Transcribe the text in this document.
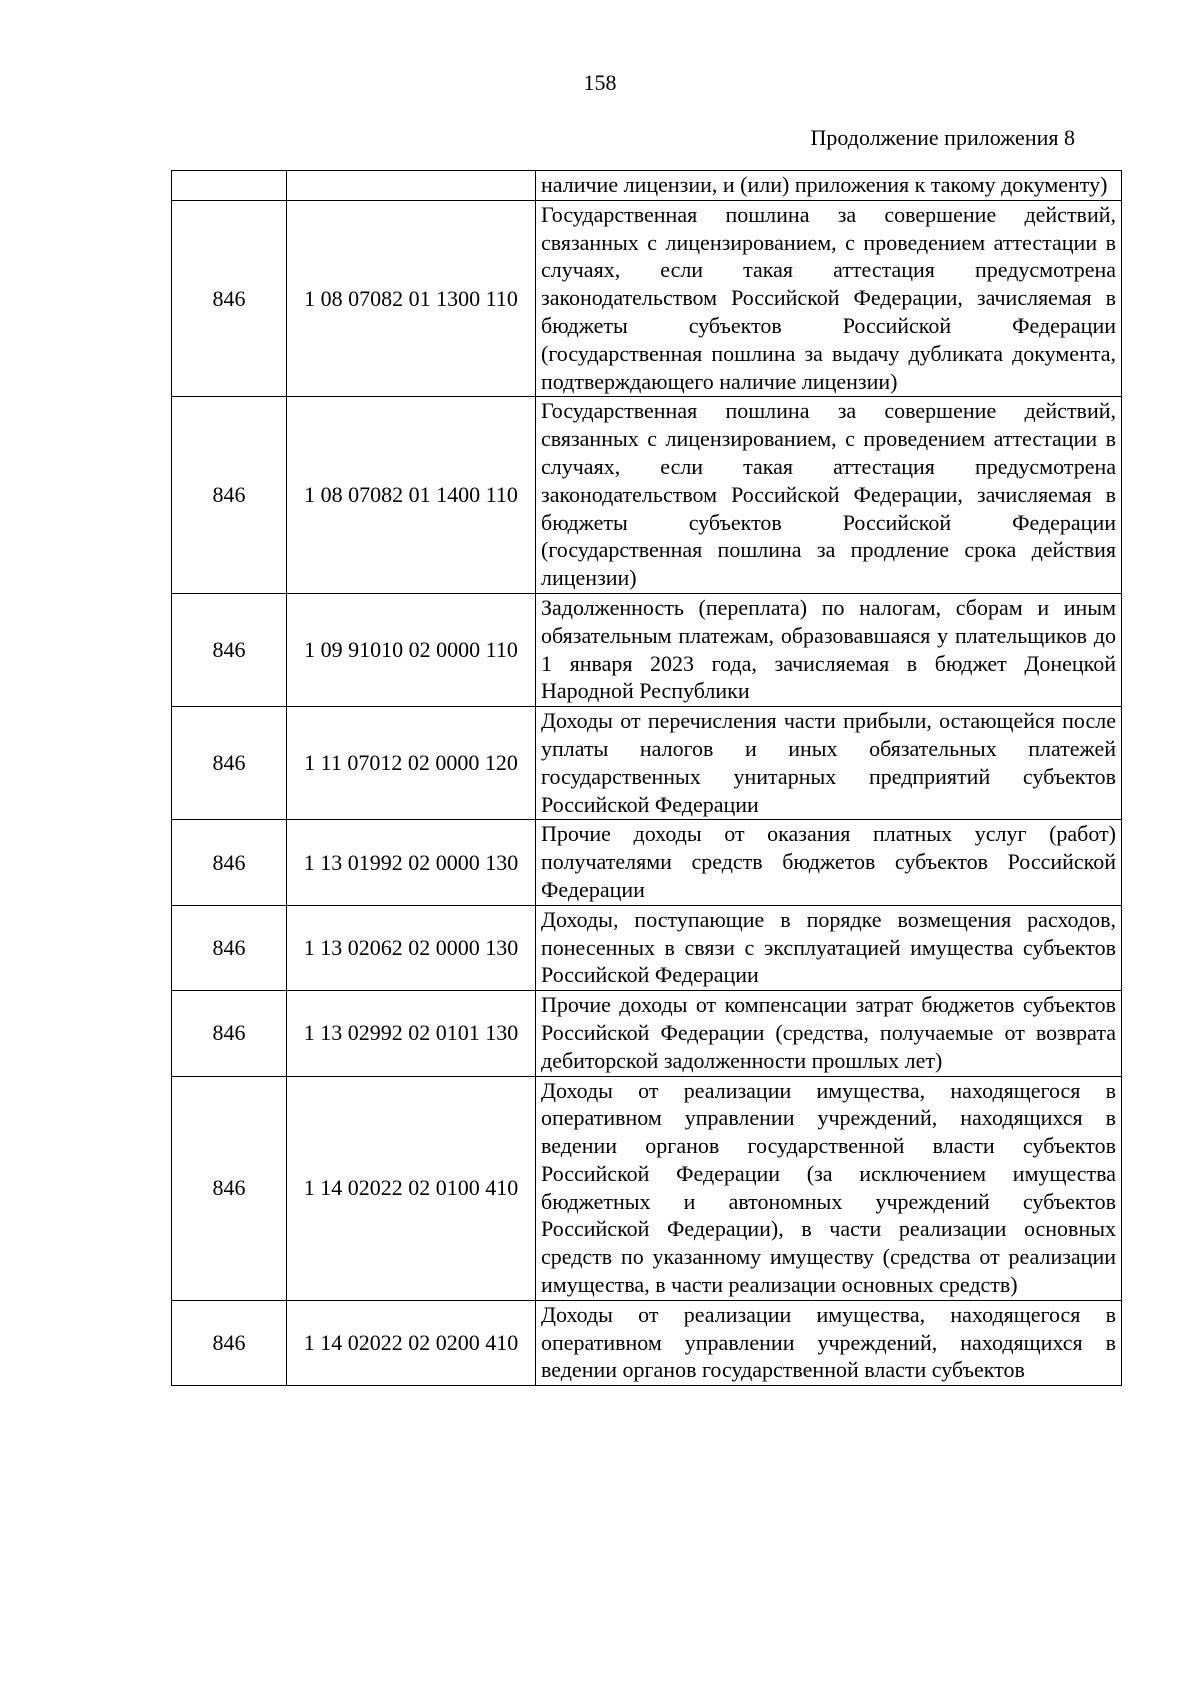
158
Продолжение приложения 8
		наличие лицензии, и (или) приложения к такому документу)
846	1 08 07082 01 1300 110	Государственная пошлина за совершение действий, связанных с лицензированием, с проведением аттестации в случаях, если такая аттестация предусмотрена законодательством Российской Федерации, зачисляемая в бюджеты субъектов Российской Федерации (государственная пошлина за выдачу дубликата документа, подтверждающего наличие лицензии)
846	1 08 07082 01 1400 110	Государственная пошлина за совершение действий, связанных с лицензированием, с проведением аттестации в случаях, если такая аттестация предусмотрена законодательством Российской Федерации, зачисляемая в бюджеты субъектов Российской Федерации (государственная пошлина за продление срока действия лицензии)
846	1 09 91010 02 0000 110	Задолженность (переплата) по налогам, сборам и иным обязательным платежам, образовавшаяся у плательщиков до 1 января 2023 года, зачисляемая в бюджет Донецкой Народной Республики
846	1 11 07012 02 0000 120	Доходы от перечисления части прибыли, остающейся после уплаты налогов и иных обязательных платежей государственных унитарных предприятий субъектов Российской Федерации
846	1 13 01992 02 0000 130	Прочие доходы от оказания платных услуг (работ) получателями средств бюджетов субъектов Российской Федерации
846	1 13 02062 02 0000 130	Доходы, поступающие в порядке возмещения расходов, понесенных в связи с эксплуатацией имущества субъектов Российской Федерации
846	1 13 02992 02 0101 130	Прочие доходы от компенсации затрат бюджетов субъектов Российской Федерации (средства, получаемые от возврата дебиторской задолженности прошлых лет)
846	1 14 02022 02 0100 410	Доходы от реализации имущества, находящегося в оперативном управлении учреждений, находящихся в ведении органов государственной власти субъектов Российской Федерации (за исключением имущества бюджетных и автономных учреждений субъектов Российской Федерации), в части реализации основных средств по указанному имуществу (средства от реализации имущества, в части реализации основных средств)
846	1 14 02022 02 0200 410	Доходы от реализации имущества, находящегося в оперативном управлении учреждений, находящихся в ведении органов государственной власти субъектов
